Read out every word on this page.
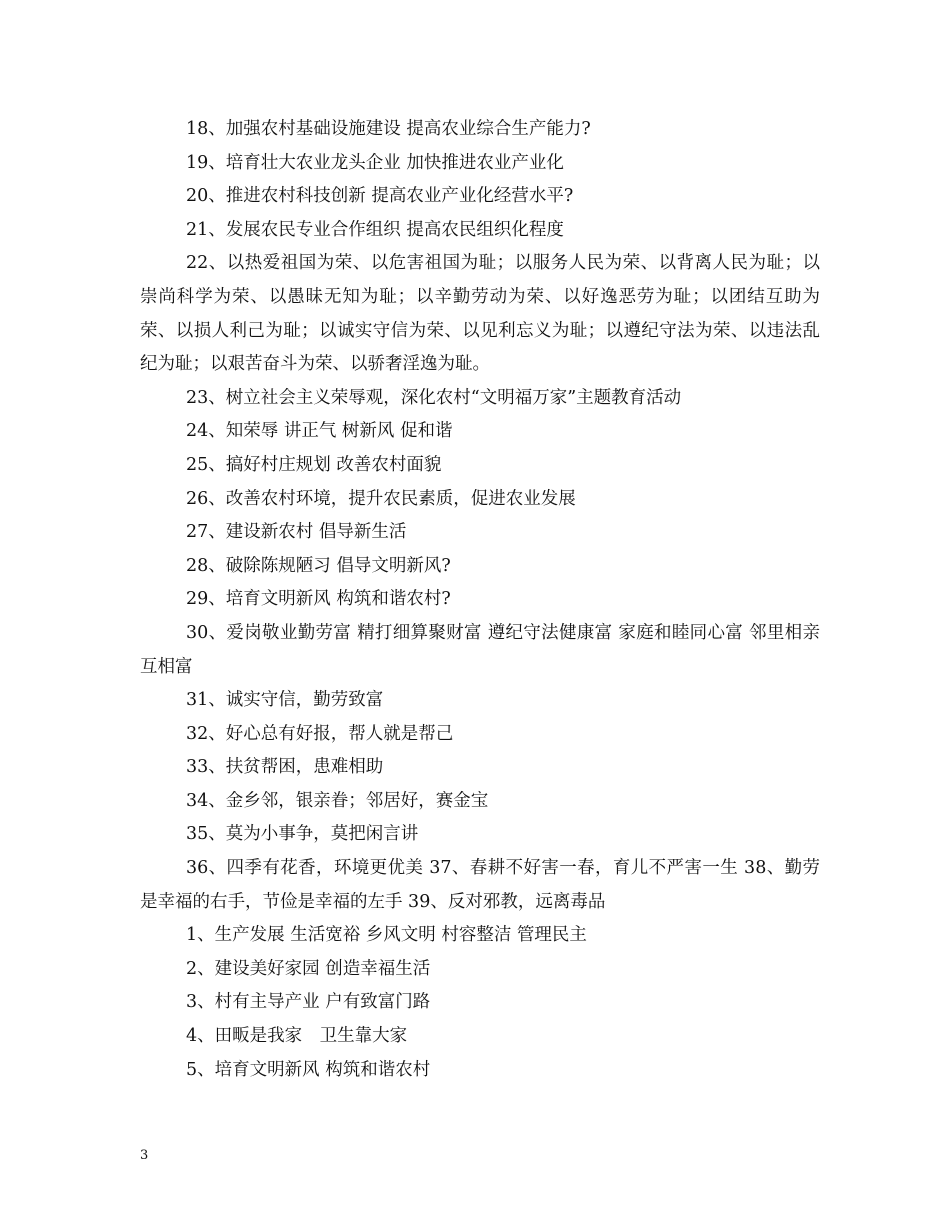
18、加强农村基础设施建设 提高农业综合生产能力?

19、培育壮大农业龙头企业 加快推进农业产业化

20、推进农村科技创新 提高农业产业化经营水平?

21、发展农民专业合作组织 提高农民组织化程度

22、以热爱祖国为荣、以危害祖国为耻；以服务人民为荣、以背离人民为耻；以崇尚科学为荣、以愚昧无知为耻；以辛勤劳动为荣、以好逸恶劳为耻；以团结互助为荣、以损人利己为耻；以诚实守信为荣、以见利忘义为耻；以遵纪守法为荣、以违法乱纪为耻；以艰苦奋斗为荣、以骄奢淫逸为耻。

23、树立社会主义荣辱观，深化农村“文明福万家”主题教育活动

24、知荣辱 讲正气 树新风 促和谐

25、搞好村庄规划 改善农村面貌

26、改善农村环境，提升农民素质，促进农业发展

27、建设新农村 倡导新生活

28、破除陈规陋习 倡导文明新风?

29、培育文明新风 构筑和谐农村?

30、爱岗敬业勤劳富 精打细算聚财富 遵纪守法健康富 家庭和睦同心富 邻里相亲互相富

31、诚实守信，勤劳致富

32、好心总有好报，帮人就是帮己

33、扶贫帮困，患难相助

34、金乡邻，银亲眷；邻居好，赛金宝

35、莫为小事争，莫把闲言讲

36、四季有花香，环境更优美 37、春耕不好害一春，育儿不严害一生 38、勤劳是幸福的右手，节俭是幸福的左手 39、反对邪教，远离毒品

1、生产发展 生活宽裕 乡风文明 村容整洁 管理民主

2、建设美好家园 创造幸福生活

3、村有主导产业 户有致富门路

4、田畈是我家　卫生靠大家

5、培育文明新风 构筑和谐农村

3
